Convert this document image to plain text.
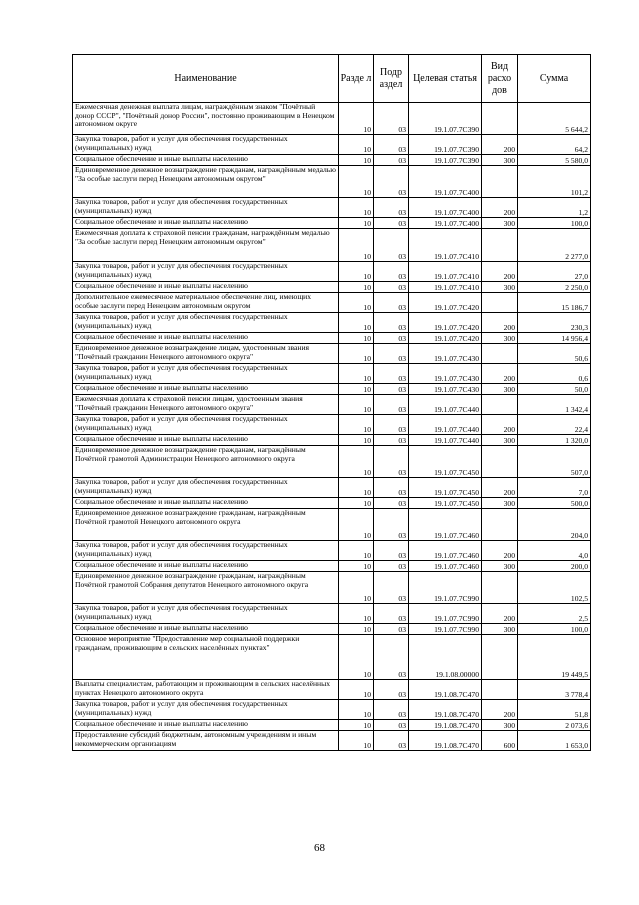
Наименование	Разде л	Подр аздел	Целевая статья	Вид расхо дов	Сумма
Ежемесячная денежная выплата лицам, награждённым знаком "Почётный донор СССР", "Почётный донор России", постоянно проживающим в Ненецком автономном округе	10	03	19.1.07.7С390		5 644,2
Закупка товаров, работ и услуг для обеспечения государственных (муниципальных) нужд	10	03	19.1.07.7С390	200	64,2
Социальное обеспечение и иные выплаты населению	10	03	19.1.07.7С390	300	5 580,0
Единовременное денежное вознаграждение гражданам, награждённым медалью "За особые заслуги перед Ненецким автономным округом"	10	03	19.1.07.7С400		101,2
Закупка товаров, работ и услуг для обеспечения государственных (муниципальных) нужд	10	03	19.1.07.7С400	200	1,2
Социальное обеспечение и иные выплаты населению	10	03	19.1.07.7С400	300	100,0
Ежемесячная доплата к страховой пенсии гражданам, награждённым медалью "За особые заслуги перед Ненецким автономным округом"	10	03	19.1.07.7С410		2 277,0
Закупка товаров, работ и услуг для обеспечения государственных (муниципальных) нужд	10	03	19.1.07.7С410	200	27,0
Социальное обеспечение и иные выплаты населению	10	03	19.1.07.7С410	300	2 250,0
Дополнительное ежемесячное материальное обеспечение лиц, имеющих особые заслуги перед Ненецким автономным округом	10	03	19.1.07.7С420		15 186,7
Закупка товаров, работ и услуг для обеспечения государственных (муниципальных) нужд	10	03	19.1.07.7С420	200	230,3
Социальное обеспечение и иные выплаты населению	10	03	19.1.07.7С420	300	14 956,4
Единовременное денежное вознаграждение лицам, удостоенным звания "Почётный гражданин Ненецкого автономного округа"	10	03	19.1.07.7С430		50,6
Закупка товаров, работ и услуг для обеспечения государственных (муниципальных) нужд	10	03	19.1.07.7С430	200	0,6
Социальное обеспечение и иные выплаты населению	10	03	19.1.07.7С430	300	50,0
Ежемесячная доплата к страховой пенсии лицам, удостоенным звания "Почётный гражданин Ненецкого автономного округа"	10	03	19.1.07.7С440		1 342,4
Закупка товаров, работ и услуг для обеспечения государственных (муниципальных) нужд	10	03	19.1.07.7С440	200	22,4
Социальное обеспечение и иные выплаты населению	10	03	19.1.07.7С440	300	1 320,0
Единовременное денежное вознаграждение гражданам, награждённым Почётной грамотой Администрации Ненецкого автономного округа	10	03	19.1.07.7С450		507,0
Закупка товаров, работ и услуг для обеспечения государственных (муниципальных) нужд	10	03	19.1.07.7С450	200	7,0
Социальное обеспечение и иные выплаты населению	10	03	19.1.07.7С450	300	500,0
Единовременное денежное вознаграждение гражданам, награждённым Почётной грамотой Ненецкого автономного округа	10	03	19.1.07.7С460		204,0
Закупка товаров, работ и услуг для обеспечения государственных (муниципальных) нужд	10	03	19.1.07.7С460	200	4,0
Социальное обеспечение и иные выплаты населению	10	03	19.1.07.7С460	300	200,0
Единовременное денежное вознаграждение гражданам, награждённым Почётной грамотой Собрания депутатов Ненецкого автономного округа	10	03	19.1.07.7С990		102,5
Закупка товаров, работ и услуг для обеспечения государственных (муниципальных) нужд	10	03	19.1.07.7С990	200	2,5
Социальное обеспечение и иные выплаты населению	10	03	19.1.07.7С990	300	100,0
Основное мероприятие "Предоставление мер социальной поддержки гражданам, проживающим в сельских населённых пунктах"	10	03	19.1.08.00000		19 449,5
Выплаты специалистам, работающим и проживающим в сельских населённых пунктах Ненецкого автономного округа	10	03	19.1.08.7С470		3 778,4
Закупка товаров, работ и услуг для обеспечения государственных (муниципальных) нужд	10	03	19.1.08.7С470	200	51,8
Социальное обеспечение и иные выплаты населению	10	03	19.1.08.7С470	300	2 073,6
Предоставление субсидий бюджетным, автономным учреждениям и иным некоммерческим организациям	10	03	19.1.08.7С470	600	1 653,0
68
